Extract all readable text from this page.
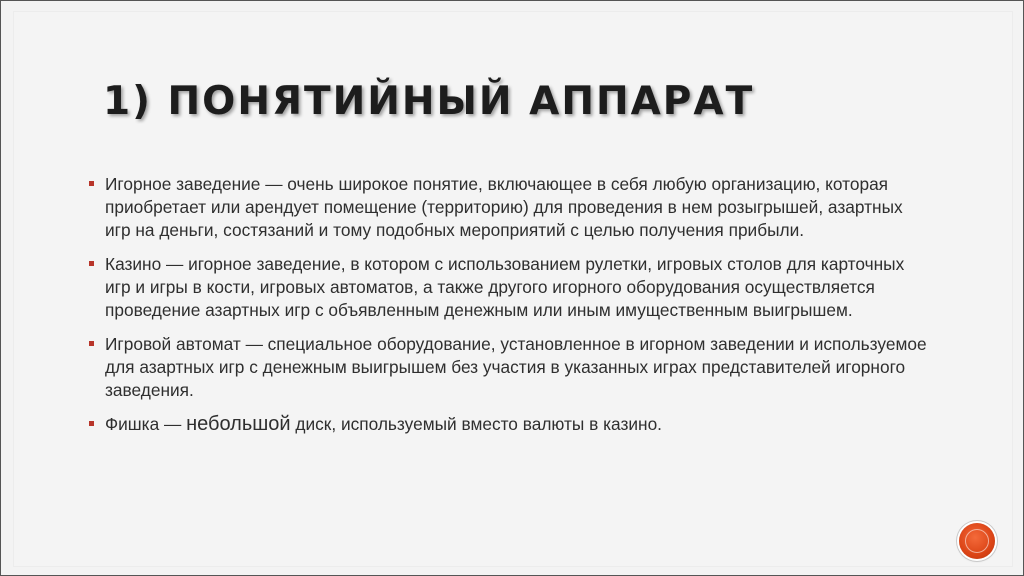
1) ПОНЯТИЙНЫЙ АППАРАТ
Игорное заведение — очень широкое понятие, включающее в себя любую организацию, которая приобретает или арендует помещение (территорию) для проведения в нем розыгрышей, азартных игр на деньги, состязаний и тому подобных мероприятий с целью получения прибыли.
Казино — игорное заведение, в котором с использованием рулетки, игровых столов для карточных игр и игры в кости, игровых автоматов, а также другого игорного оборудования осуществляется проведение азартных игр с объявленным денежным или иным имущественным выигрышем.
Игровой автомат — специальное оборудование, установленное в игорном заведении и используемое для азартных игр с денежным выигрышем без участия в указанных играх представителей игорного заведения.
Фишка — небольшой диск, используемый вместо валюты в казино.
